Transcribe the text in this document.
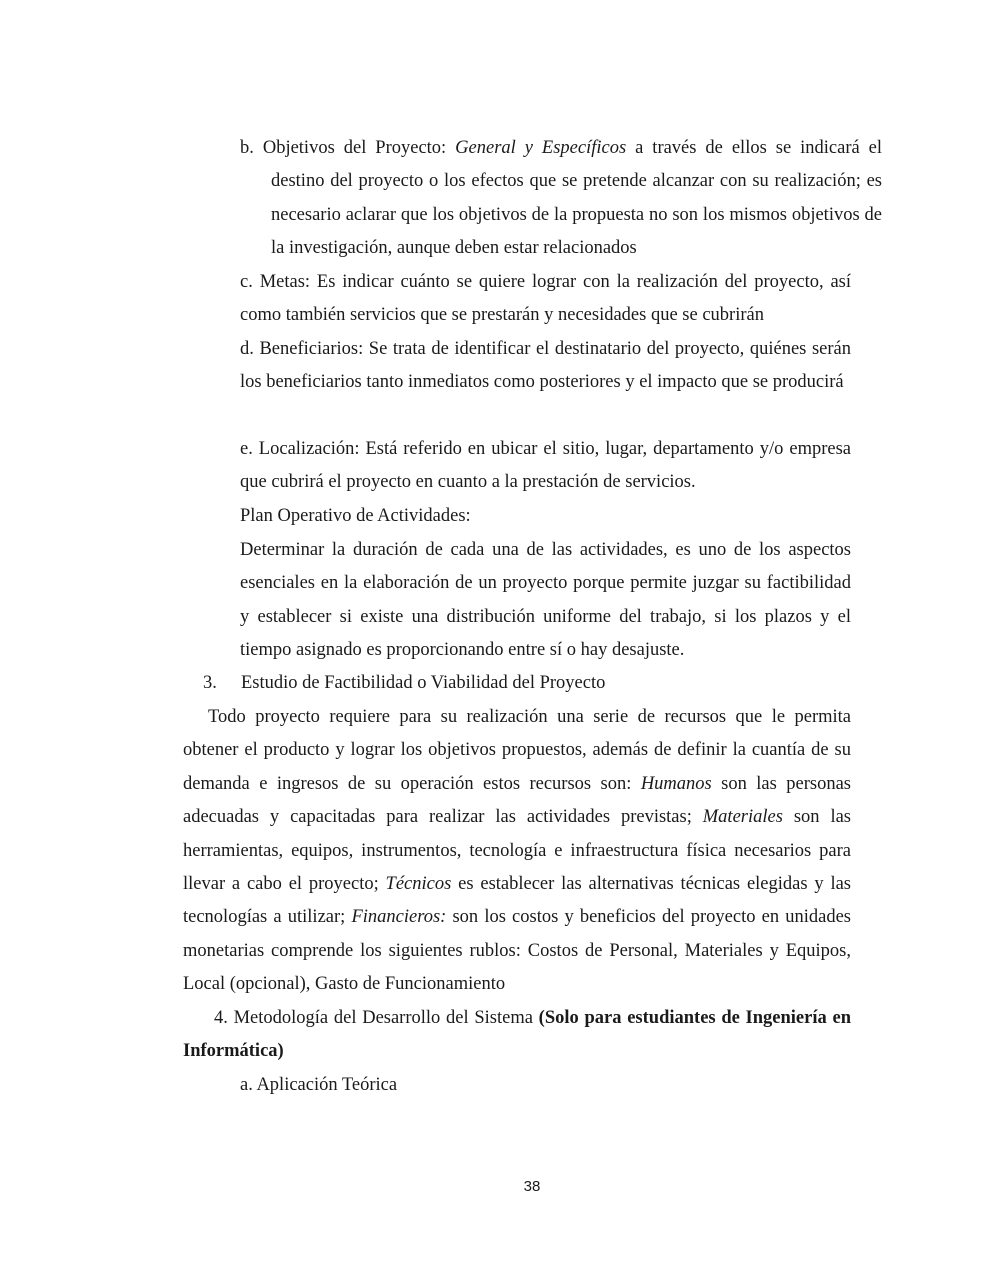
b. Objetivos del Proyecto: General y Específicos a través de ellos se indicará el destino del proyecto o los efectos que se pretende alcanzar con su realización; es necesario aclarar que los objetivos de la propuesta no son los mismos objetivos de la investigación, aunque deben estar relacionados

c. Metas: Es indicar cuánto se quiere lograr con la realización del proyecto, así como también servicios que se prestarán y necesidades que se cubrirán

d. Beneficiarios: Se trata de identificar el destinatario del proyecto, quiénes serán los beneficiarios tanto inmediatos como posteriores y el impacto que se producirá

e. Localización: Está referido en ubicar el sitio, lugar, departamento y/o empresa que cubrirá el proyecto en cuanto a la prestación de servicios.

Plan Operativo de Actividades:

Determinar la duración de cada una de las actividades, es uno de los aspectos esenciales en la elaboración de un proyecto porque permite juzgar su factibilidad y establecer si existe una distribución uniforme del trabajo, si los plazos y el tiempo asignado es proporcionando entre sí o hay desajuste.

3. Estudio de Factibilidad o Viabilidad del Proyecto

Todo proyecto requiere para su realización una serie de recursos que le permita obtener el producto y lograr los objetivos propuestos, además de definir la cuantía de su demanda e ingresos de su operación estos recursos son: Humanos son las personas adecuadas y capacitadas para realizar las actividades previstas; Materiales son las herramientas, equipos, instrumentos, tecnología e infraestructura física necesarios para llevar a cabo el proyecto; Técnicos es establecer las alternativas técnicas elegidas y las tecnologías a utilizar; Financieros: son los costos y beneficios del proyecto en unidades monetarias comprende los siguientes rublos: Costos de Personal, Materiales y Equipos, Local (opcional), Gasto de Funcionamiento

4. Metodología del Desarrollo del Sistema (Solo para estudiantes de Ingeniería en Informática)

a. Aplicación Teórica

38
